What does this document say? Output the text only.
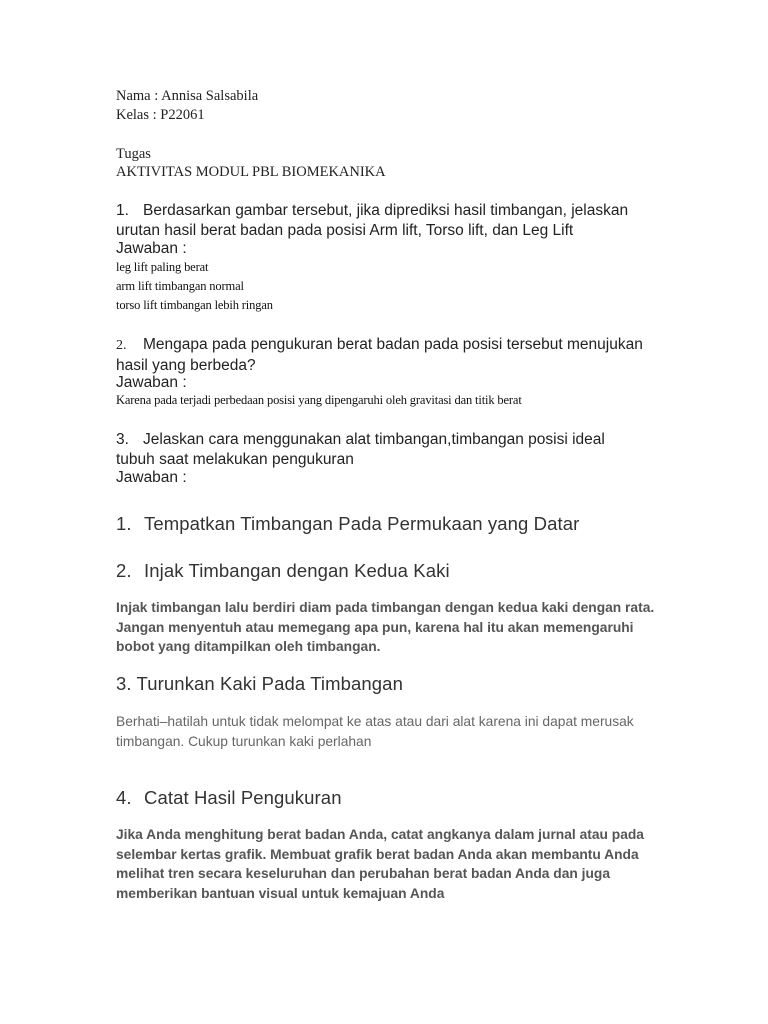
Nama : Annisa Salsabila
Kelas : P22061
Tugas
AKTIVITAS MODUL PBL BIOMEKANIKA
1. Berdasarkan gambar tersebut, jika diprediksi hasil timbangan, jelaskan urutan hasil berat badan pada posisi Arm lift, Torso lift, dan Leg Lift
Jawaban :
leg lift paling berat
arm lift timbangan normal
torso lift timbangan lebih ringan
2. Mengapa pada pengukuran berat badan pada posisi tersebut menujukan hasil yang berbeda?
Jawaban :
Karena pada terjadi perbedaan posisi yang dipengaruhi oleh gravitasi dan titik berat
3. Jelaskan cara menggunakan alat timbangan,timbangan posisi ideal tubuh saat melakukan pengukuran
Jawaban :
1. Tempatkan Timbangan Pada Permukaan yang Datar
2. Injak Timbangan dengan Kedua Kaki
Injak timbangan lalu berdiri diam pada timbangan dengan kedua kaki dengan rata. Jangan menyentuh atau memegang apa pun, karena hal itu akan memengaruhi bobot yang ditampilkan oleh timbangan.
3. Turunkan Kaki Pada Timbangan
Berhati–hatilah untuk tidak melompat ke atas atau dari alat karena ini dapat merusak timbangan. Cukup turunkan kaki perlahan
4. Catat Hasil Pengukuran
Jika Anda menghitung berat badan Anda, catat angkanya dalam jurnal atau pada selembar kertas grafik. Membuat grafik berat badan Anda akan membantu Anda melihat tren secara keseluruhan dan perubahan berat badan Anda dan juga memberikan bantuan visual untuk kemajuan Anda
